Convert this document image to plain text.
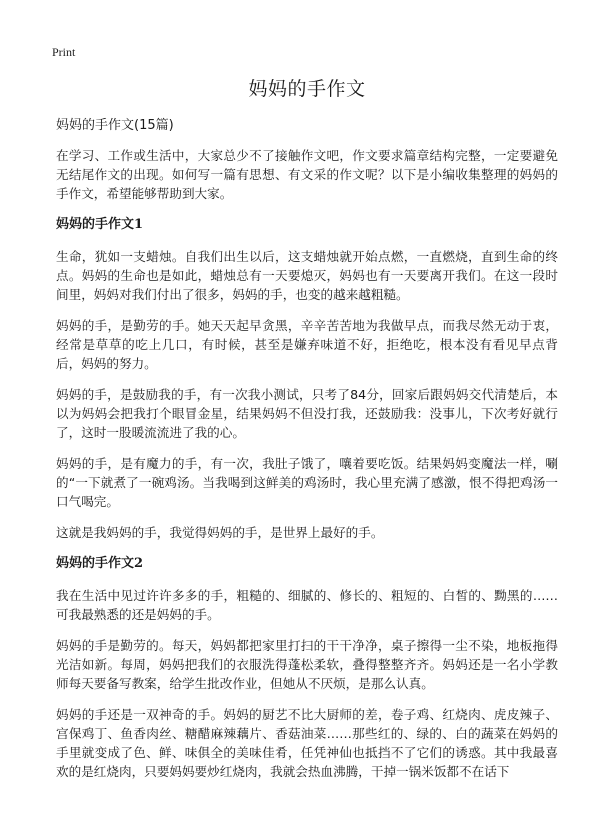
Print
妈妈的手作文
妈妈的手作文(15篇)

在学习、工作或生活中，大家总少不了接触作文吧，作文要求篇章结构完整，一定要避免无结尾作文的出现。如何写一篇有思想、有文采的作文呢？以下是小编收集整理的妈妈的手作文，希望能够帮助到大家。

妈妈的手作文1

生命，犹如一支蜡烛。自我们出生以后，这支蜡烛就开始点燃，一直燃烧，直到生命的终点。妈妈的生命也是如此，蜡烛总有一天要熄灭，妈妈也有一天要离开我们。在这一段时间里，妈妈对我们付出了很多，妈妈的手，也变的越来越粗糙。

妈妈的手，是勤劳的手。她天天起早贪黑，辛辛苦苦地为我做早点，而我尽然无动于衷，经常是草草的吃上几口，有时候，甚至是嫌弃味道不好，拒绝吃，根本没有看见早点背后，妈妈的努力。

妈妈的手，是鼓励我的手，有一次我小测试，只考了84分，回家后跟妈妈交代清楚后，本以为妈妈会把我打个眼冒金星，结果妈妈不但没打我，还鼓励我：没事儿，下次考好就行了，这时一股暖流流进了我的心。

妈妈的手，是有魔力的手，有一次，我肚子饿了，嚷着要吃饭。结果妈妈变魔法一样，唰的“一下就煮了一碗鸡汤。当我喝到这鲜美的鸡汤时，我心里充满了感激，恨不得把鸡汤一口气喝完。

这就是我妈妈的手，我觉得妈妈的手，是世界上最好的手。

妈妈的手作文2

我在生活中见过许许多多的手，粗糙的、细腻的、修长的、粗短的、白皙的、黝黑的……可我最熟悉的还是妈妈的手。

妈妈的手是勤劳的。每天，妈妈都把家里打扫的干干净净，桌子擦得一尘不染，地板拖得光洁如新。每周，妈妈把我们的衣服洗得蓬松柔软，叠得整整齐齐。妈妈还是一名小学教师每天要备写教案，给学生批改作业，但她从不厌烦，是那么认真。

妈妈的手还是一双神奇的手。妈妈的厨艺不比大厨师的差，卷子鸡、红烧肉、虎皮辣子、宫保鸡丁、鱼香肉丝、糖醋麻辣藕片、香菇油菜……那些红的、绿的、白的蔬菜在妈妈的手里就变成了色、鲜、味俱全的美味佳肴，任凭神仙也抵挡不了它们的诱惑。其中我最喜欢的是红烧肉，只要妈妈要炒红烧肉，我就会热血沸腾，干掉一锅米饭都不在话下
